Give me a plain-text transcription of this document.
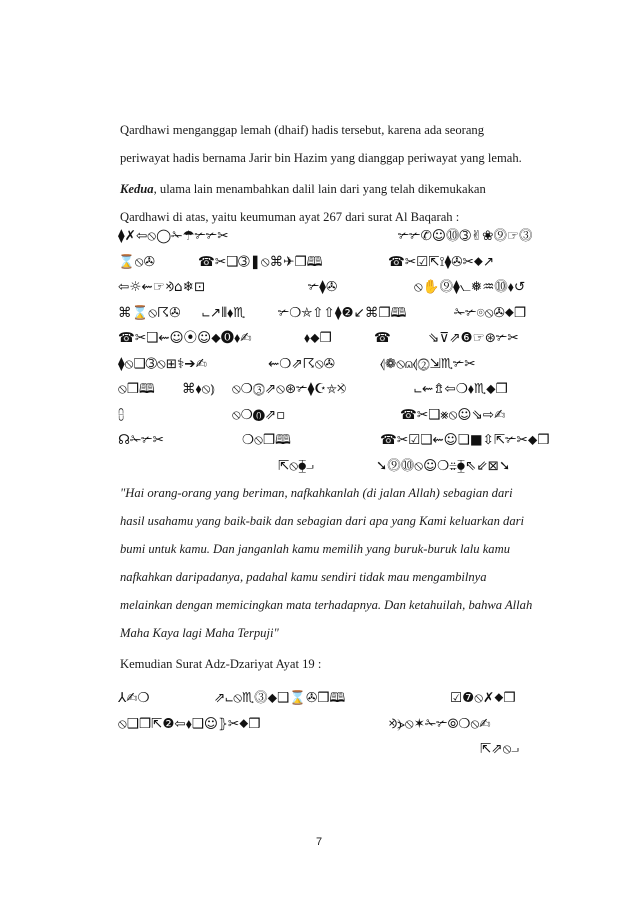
Qardhawi menganggap lemah (dhaif) hadis tersebut, karena ada seorang

periwayat hadis bernama Jarir bin Hazim yang dianggap periwayat yang lemah.

Kedua, ulama lain menambahkan dalil lain dari yang telah dikemukakan

Qardhawi di atas, yaitu keumuman ayat 267 dari surat Al Baqarah :

⧫✗⇦⦸◯✁☂✃✃✂

	✃✃✆☺⓾➂✌❀⓽☞⓷

⌛⦸✇

	☎✂❑➂❚⦸⌘✈❒🕮

	☎✂☑⇱⟟⧫✇✂⬥↗

⇦☼⇜☞⨵⌂❄⊡

	✃⧫✇

	⦸✋⓽⧫⦦❅♒⓾⬧↺

⌘⌛⦸☈✇

⨽↗⦀⬧♏

✃❍⛤⇧⇧⧫❷↙⌘❒🕮

	✁✃⌾⦸✇⬥❒

☎✂❑⇜☺⦿☺⬥⓿⬧✍

	⬧⬥❒

	☎

	⇘⊽⇗❻☞⊛✃✂

⧫⦸❑➂⦸⊞⚕➔✍

	⇜❍⇗☈⦸✇

	⦉❁⦸⩄⦉⓶⇲♏✃✂

⦸❒🕮

⌘⬧⦸⦆

⦸❍⓷⇗⦸⊛✃⧫☪⛤⨵

	⨽⇜⇯⇦❍⬧♏⬥❒

⩉

	⦸❍⓿⇗▫

	☎✂❑⨳⦸☺⇘⇨✍

☊✁✃✂

	❍⦸❒🕮

	☎✂☑❑⇜☺❏■⇳⇱✃✂⬥❒

⇱⦸⧳⨼

	➘⓽⓾⦸☺❍⩷⧳⇖⇙⊠➘

"Hai orang-orang yang beriman, nafkahkanlah (di jalan Allah) sebagian dari

hasil usahamu yang baik-baik dan sebagian dari apa yang Kami keluarkan dari

bumi untuk kamu. Dan janganlah kamu memilih yang buruk-buruk lalu kamu

nafkahkan daripadanya, padahal kamu sendiri tidak mau mengambilnya

melainkan dengan memicingkan mata terhadapnya. Dan ketahuilah, bahwa Allah

Maha Kaya lagi Maha Terpuji"

Kemudian Surat Adz-Dzariyat Ayat 19 :

⅄✍❍

	⇗⨽⦸♏⓷⬥❑⌛✇❒🕮

	☑❼⦸✗⬥❒

⦸❑❒⇱❷⇦⬧❑☺⦄✂⬥❒

	⨵⦔⦸✶✁✃⦾❍⦸✍

⇱⇗⦸⨼

7
